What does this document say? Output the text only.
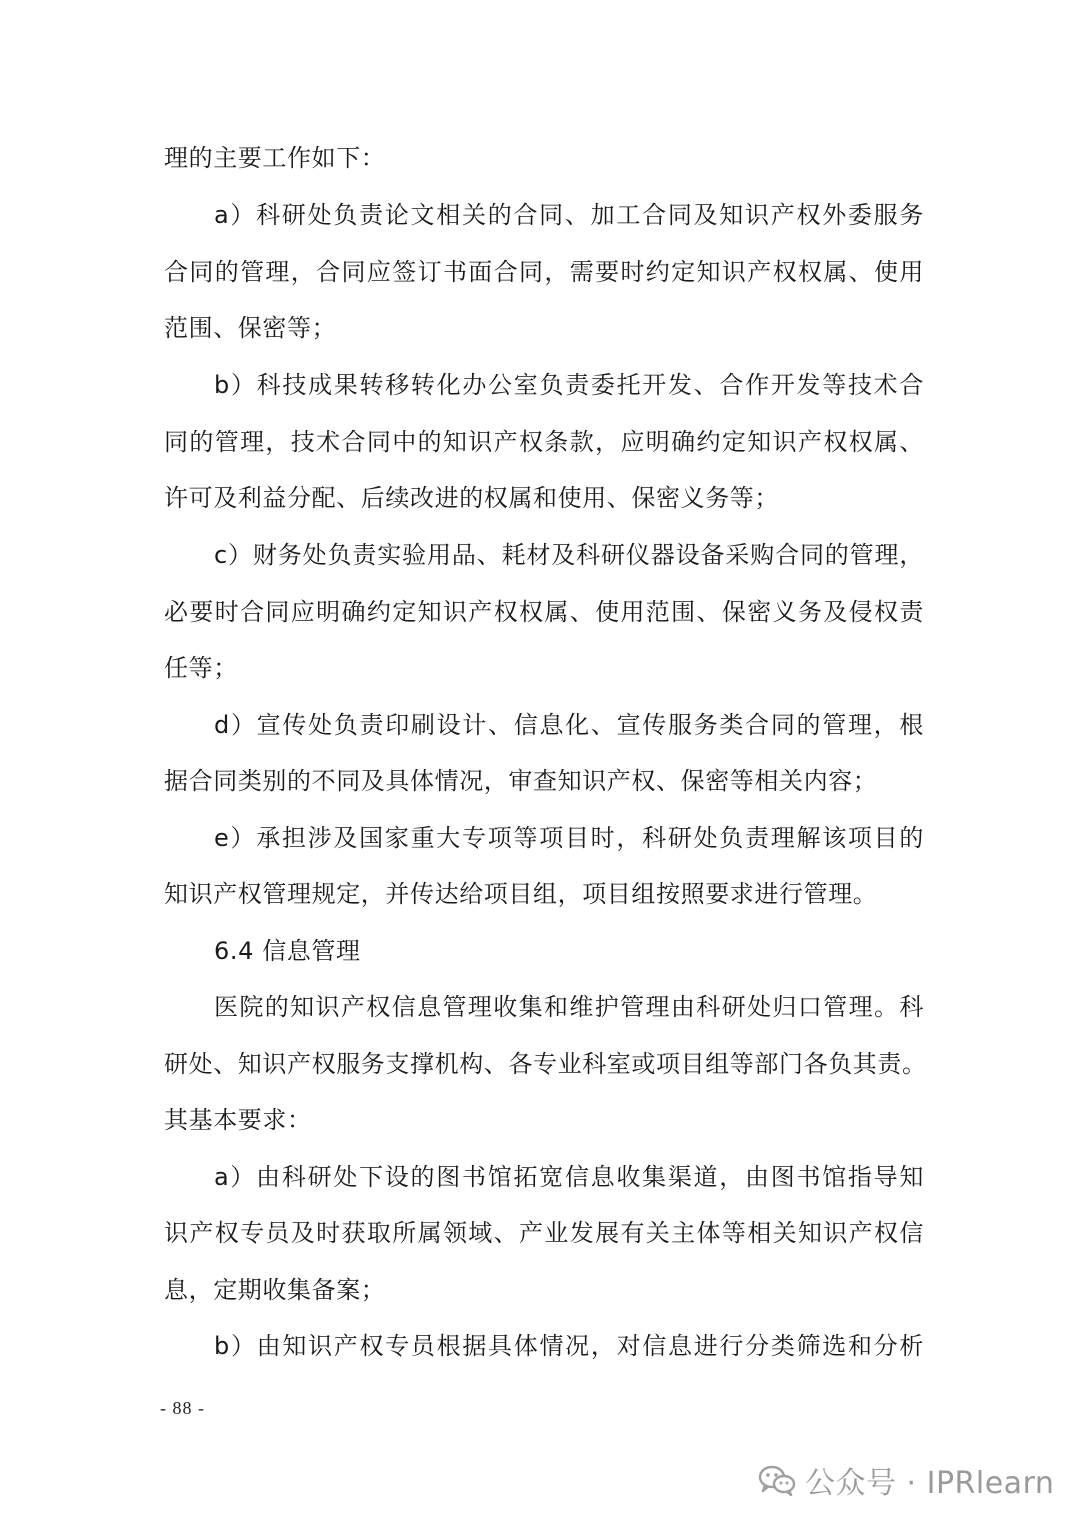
理的主要工作如下：
a）科研处负责论文相关的合同、加工合同及知识产权外委服务
合同的管理，合同应签订书面合同，需要时约定知识产权权属、使用
范围、保密等；
b）科技成果转移转化办公室负责委托开发、合作开发等技术合
同的管理，技术合同中的知识产权条款，应明确约定知识产权权属、
许可及利益分配、后续改进的权属和使用、保密义务等；
c）财务处负责实验用品、耗材及科研仪器设备采购合同的管理，
必要时合同应明确约定知识产权权属、使用范围、保密义务及侵权责
任等；
d）宣传处负责印刷设计、信息化、宣传服务类合同的管理，根
据合同类别的不同及具体情况，审查知识产权、保密等相关内容；
e）承担涉及国家重大专项等项目时，科研处负责理解该项目的
知识产权管理规定，并传达给项目组，项目组按照要求进行管理。
6.4 信息管理
医院的知识产权信息管理收集和维护管理由科研处归口管理。科
研处、知识产权服务支撑机构、各专业科室或项目组等部门各负其责。
其基本要求：
a）由科研处下设的图书馆拓宽信息收集渠道，由图书馆指导知
识产权专员及时获取所属领域、产业发展有关主体等相关知识产权信
息，定期收集备案；
b）由知识产权专员根据具体情况，对信息进行分类筛选和分析
- 88 -
公众号 · IPRlearn
